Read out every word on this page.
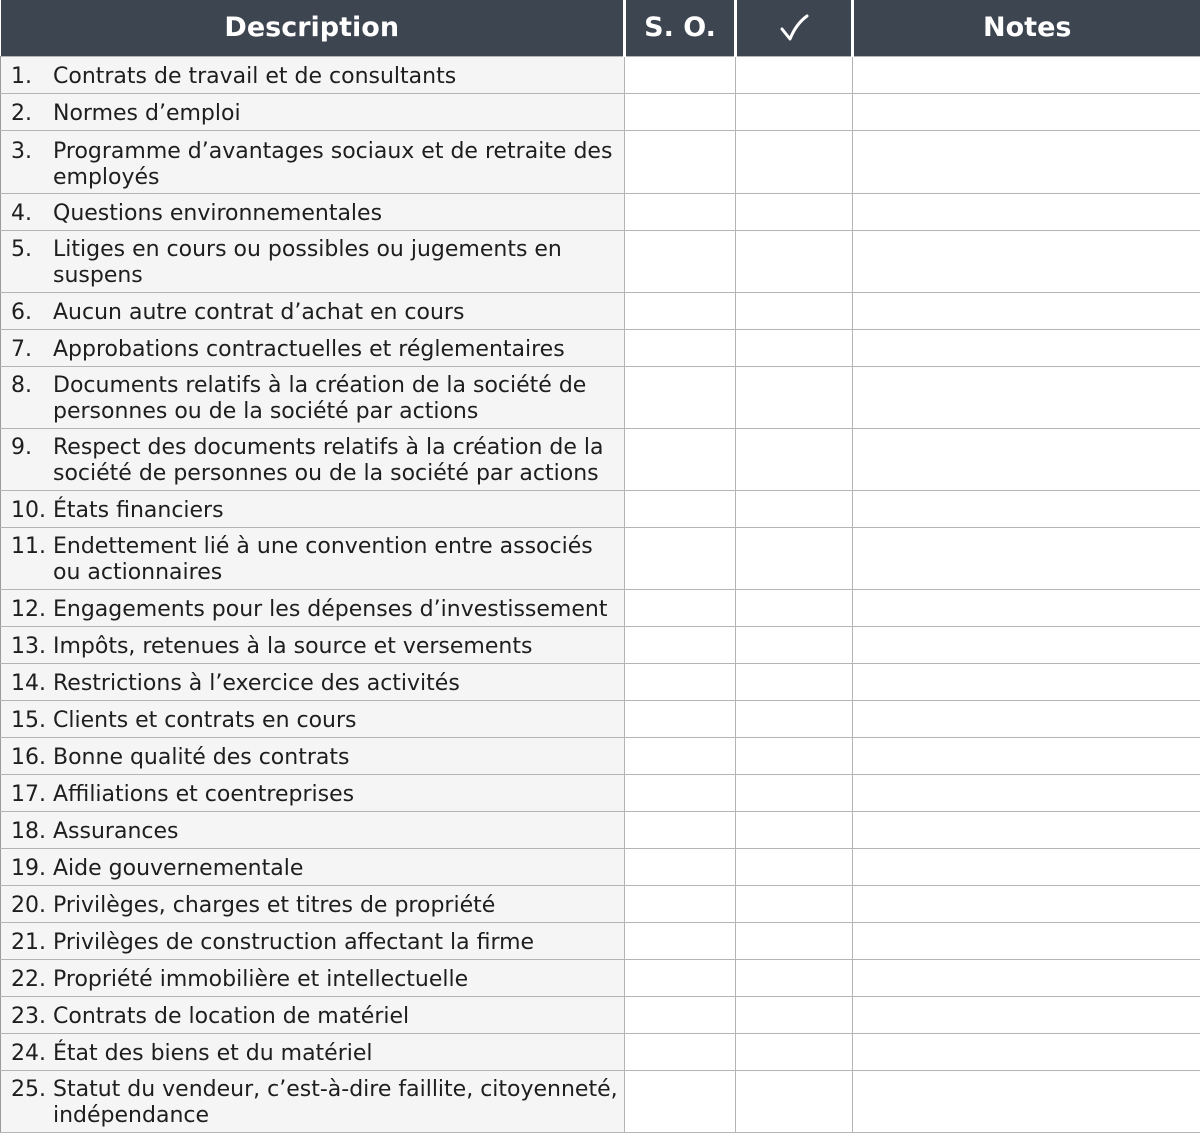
Description	S. O.		Notes

1. Contrats de travail et de consultants			

2. Normes d’emploi			

3. Programme d’avantages sociaux et de retraite des employés			

4. Questions environnementales			

5. Litiges en cours ou possibles ou jugements en suspens			

6. Aucun autre contrat d’achat en cours			

7. Approbations contractuelles et réglementaires			

8. Documents relatifs à la création de la société de personnes ou de la société par actions			

9. Respect des documents relatifs à la création de la société de personnes ou de la société par actions			

10. États financiers			

11. Endettement lié à une convention entre associés ou actionnaires			

12. Engagements pour les dépenses d’investissement			

13. Impôts, retenues à la source et versements			

14. Restrictions à l’exercice des activités			

15. Clients et contrats en cours			

16. Bonne qualité des contrats			

17. Affiliations et coentreprises			

18. Assurances			

19. Aide gouvernementale			

20. Privilèges, charges et titres de propriété			

21. Privilèges de construction affectant la firme			

22. Propriété immobilière et intellectuelle			

23. Contrats de location de matériel			

24. État des biens et du matériel			

25. Statut du vendeur, c’est-à-dire faillite, citoyenneté, indépendance			
